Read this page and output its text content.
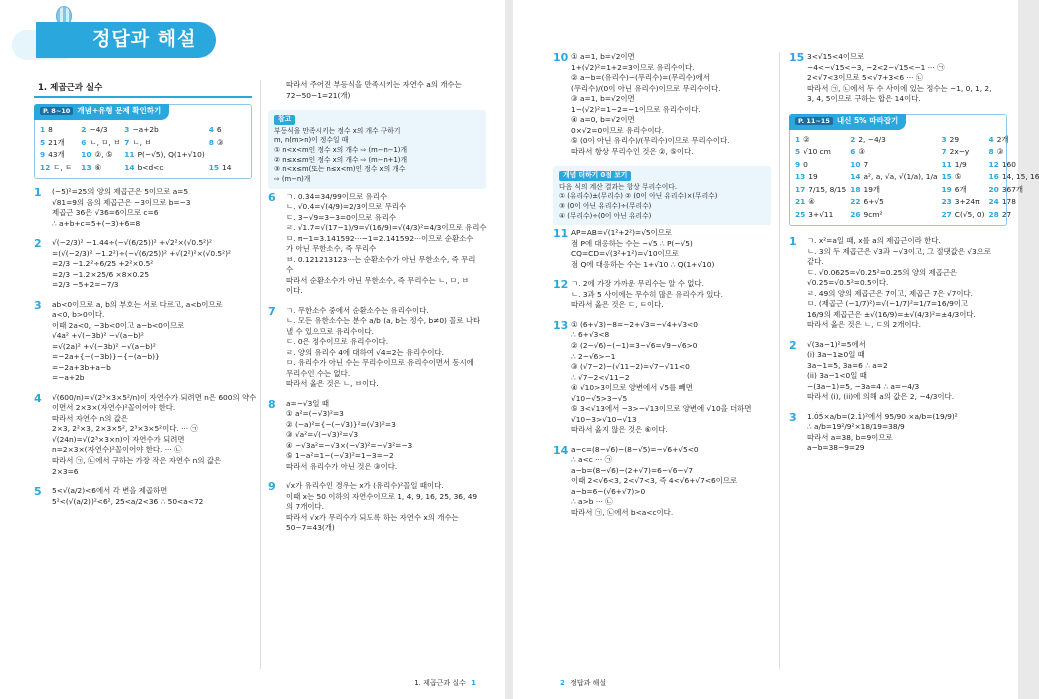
정답과 해설
1. 제곱근과 실수
P. 8~10 개념+유형 문제 확인하기
1 8	2 −4/3	3 −a+2b	4 6
5 21개	6 ㄴ, ㅁ, ㅂ 7 ㄴ, ㅂ	8 ③
9 43개	10 ②, ⑤	11 P(−√5), Q(1+√10)
12 ㄷ, ㅌ	13 ⑥	14 b<d<c	15 14
1	(−5)²=25의 양의 제곱근은 5이므로 a=5
√81=9의 음의 제곱근은 −3이므로 b=−3
제곱근 36은 √36=6이므로 c=6
∴ a+b+c=5+(−3)+6=8
2	√(−2/3)² −1.44÷(−√(6/25))² +√2²×(√0.5²)²
=(√(−2/3)² −1.2²)÷(−√(6/25))² +√(2²)²×(√0.5²)²
=2/3 −1.2²÷6/25 +2²×0.5²
=2/3 −1.2×25/6 ×8×0.25
=2/3 −5+2=−7/3
3	ab<0이므로 a, b의 부호는 서로 다르고, a<b이므로
a<0, b>0이다.
이때 2a<0, −3b<0이고 a−b<0이므로
√4a² +√(−3b)² −√(a−b)²
=√(2a)² +√(−3b)² −√(a−b)²
=−2a+{−(−3b)}−{−(a−b)}
=−2a+3b+a−b
=−a+2b
4	√(600/n)=√(2³×3×5²/n)이 자연수가 되려면 n은 600의 약수
이면서 2×3×(자연수)²꼴이어야 한다.
따라서 자연수 n의 값은
2×3, 2²×3, 2×3×5², 2³×3×5²이다. ··· ㉠
√(24n)=√(2³×3×n)이 자연수가 되려면
n=2×3×(자연수)²꼴이어야 한다. ··· ㉡
따라서 ㉠, ㉡에서 구하는 가장 작은 자연수 n의 값은
2×3=6
5	5<√(a/2)<6에서 각 변을 제곱하면
5²<(√(a/2))²<6², 25<a/2<36 ∴ 50<a<72
따라서 주어진 부등식을 만족시키는 자연수 a의 개수는
72−50−1=21(개)
참고
부등식을 만족시키는 정수 x의 개수 구하기
m, n(m>n)이 정수일 때
① n<x<m인 정수 x의 개수 ⇨ (m−n−1)개
② n≤x≤m인 정수 x의 개수 ⇨ (m−n+1)개
③ n<x≤m(또는 n≤x<m)인 정수 x의 개수
⇨ (m−n)개
6	ㄱ. 0.3̇4̇=34/99이므로 유리수
ㄴ. √0.4̇=√(4/9)=2/3이므로 무리수
ㄷ. 3−√9=3−3=0이므로 유리수
ㄹ. √1.7̇=√(17−1)/9=√(16/9)=√(4/3)²=4/3이므로 유리수
ㅁ. π−1=3.141592···−1=2.141592···이므로 순환소수
가 아닌 무한소수, 즉 무리수
ㅂ. 0.121213123···는 순환소수가 아닌 무한소수, 즉 무리
수
따라서 순환소수가 아닌 무한소수, 즉 무리수는 ㄴ, ㅁ, ㅂ
이다.
7	ㄱ. 무한소수 중에서 순환소수는 유리수이다.
ㄴ. 모든 유한소수는 분수 a/b (a, b는 정수, b≠0) 꼴로 나타
낼 수 있으므로 유리수이다.
ㄷ. 0은 정수이므로 유리수이다.
ㄹ. 양의 유리수 4에 대하여 √4=2는 유리수이다.
ㅁ. 유리수가 아닌 수는 무리수이므로 유리수이면서 동시에
무리수인 수는 없다.
따라서 옳은 것은 ㄴ, ㅂ이다.
8	a=−√3일 때
① a²=(−√3)²=3
② (−a)²={−(−√3)}²=(√3)²=3
③ √a²=√(−√3)²=√3
④ −√3a²=−√3×(−√3)²=−√3²=−3
⑤ 1−a²=1−(−√3)²=1−3=−2
따라서 유리수가 아닌 것은 ③이다.
9	√x가 유리수인 경우는 x가 (유리수)²꼴일 때이다.
이때 x는 50 이하의 자연수이므로 1, 4, 9, 16, 25, 36, 49
의 7개이다.
따라서 √x가 무리수가 되도록 하는 자연수 x의 개수는
50−7=43(개)
1. 제곱근과 실수 1
10 ① a=1, b=√2이면
1+(√2)²=1+2=3이므로 유리수이다.
② a−b=(유리수)−(무리수)=(무리수)에서
(무리수)/(0이 아닌 유리수)이므로 무리수이다.
③ a=1, b=√2이면
1−(√2)²=1−2=−1이므로 유리수이다.
④ a=0, b=√2이면
0×√2=0이므로 유리수이다.
⑤ (0이 아닌 유리수)/(무리수)이므로 무리수이다.
따라서 항상 무리수인 것은 ②, ⑤이다.
개념 더하기 0점 보기
다음 식의 계산 결과는 항상 무리수이다.
① (유리수)±(무리수) ② (0이 아닌 유리수)×(무리수)
③ (0이 아닌 유리수)÷(무리수)
④ (무리수)÷(0이 아닌 유리수)
11 AP=AB=√(1²+2²)=√5이므로
점 P에 대응하는 수는 −√5 ∴ P(−√5)
CQ=CD=√(3²+1²)=√10이므로
점 Q에 대응하는 수는 1+√10 ∴ Q(1+√10)
12 ㄱ. 2에 가장 가까운 무리수는 알 수 없다.
ㄴ. 3과 5 사이에는 무수히 많은 유리수가 있다.
따라서 옳은 것은 ㄷ, ㅌ이다.
13 ① (6+√3)−8=−2+√3=−√4+√3<0
∴ 6+√3<8
② (2−√6)−(−1)=3−√6=√9−√6>0
∴ 2−√6>−1
③ (√7−2)−(√11−2)=√7−√11<0
∴ √7−2<√11−2
④ √10>3이므로 양변에서 √5를 빼면
√10−√5>3−√5
⑤ 3<√13에서 −3>−√13이므로 양변에 √10을 더하면
√10−3>√10−√13
따라서 옳지 않은 것은 ⑥이다.
14 a−c=(8−√6)−(8−√5)=−√6+√5<0
∴ a<c ··· ㉠
a−b=(8−√6)−(2+√7)=6−√6−√7
이때 2<√6<3, 2<√7<3, 즉 4<√6+√7<6이므로
a−b=6−(√6+√7)>0
∴ a>b ··· ㉡
따라서 ㉠, ㉡에서 b<a<c이다.
15 3<√15<4이므로
−4<−√15<−3, −2<2−√15<−1 ··· ㉠
2<√7<3이므로 5<√7+3<6 ··· ㉡
따라서 ㉠, ㉡에서 두 수 사이에 있는 정수는 −1, 0, 1, 2,
3, 4, 5이므로 구하는 합은 14이다.
P. 11~15 내신 5% 따라잡기
1 ②	2 2, −4/3	3 29	4 2개
5 √10 cm	6 ③	7 2x−y	8 ③
9 0	10 7	11 1/9	12 160
13 19	14 a², a, √a, √(1/a), 1/a 15 ⑤	16 14, 15, 16
17 7/15, 8/15 18 19개	19 6개	20 367개
21 ④	22 6+√5	23 3+24π	24 178
25 3+√11	26 9cm²	27 C(√5, 0) 28 27
1	ㄱ. x²=a일 때, x를 a의 제곱근이라 한다.
ㄴ. 3의 두 제곱근은 √3과 −√3이고, 그 절댓값은 √3으로
같다.
ㄷ. √0.0625=√0.25²=0.25의 양의 제곱근은
√0.25=√0.5²=0.5이다.
ㄹ. 49의 양의 제곱근은 7이고, 제곱근 7은 √7이다.
ㅁ. (제곱근 (−1/7)²)=√(−1/7)²=1/7=16/9이고
16/9의 제곱근은 ±√(16/9)=±√(4/3)²=±4/3이다.
따라서 옳은 것은 ㄴ, ㄷ의 2개이다.
2	√(3a−1)²=5에서
(i) 3a−1≥0일 때
3a−1=5, 3a=6 ∴ a=2
(ii) 3a−1<0일 때
−(3a−1)=5, −3a=4 ∴ a=−4/3
따라서 (i), (ii)에 의해 a의 값은 2, −4/3이다.
3	1.0̇5̇×a/b=(2.1̇)²에서 95/90 ×a/b=(19/9)²
∴ a/b=19²/9²×18/19=38/9
따라서 a=38, b=9이므로
a−b=38−9=29
2 정답과 해설
